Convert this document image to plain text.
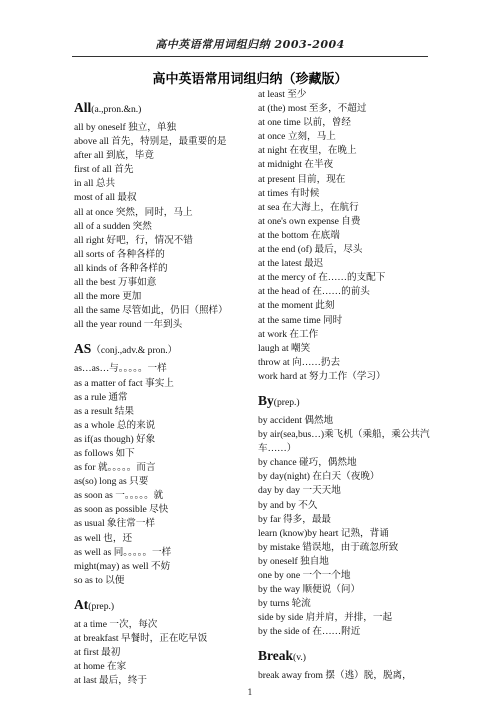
高中英语常用词组归纳 2003-2004
高中英语常用词组归纳（珍藏版）
All(a.,pron.&n.)
all by oneself 独立，单独
above all 首先，特别是，最重要的是
after all 到底，毕竟
first of all 首先
in all 总共
most of all 最叔
all at once 突然，同时，马上
all of a sudden 突然
all right 好吧，行，情况不错
all sorts of 各种各样的
all kinds of 各种各样的
all the best 万事如意
all the more 更加
all the same 尽管如此，仍旧（照样）
all the year round 一年到头
AS（conj.,adv.& pron.）
as…as…与。。。。。一样
as a matter of fact 事实上
as a rule 通常
as a result 结果
as a whole 总的来说
as if(as though) 好象
as follows 如下
as for 就。。。。。而言
as(so) long as 只要
as soon as 一。。。。。就
as soon as possible 尽快
as usual 象往常一样
as well 也，还
as well as 同。。。。。一样
might(may) as well 不妨
so as to 以便
At(prep.)
at a time 一次，每次
at breakfast 早餐时，正在吃早饭
at first 最初
at home 在家
at last 最后，终于
at least 至少
at (the) most 至多，不超过
at one time 以前，曾经
at once 立刻，马上
at night 在夜里，在晚上
at midnight 在半夜
at present 目前，现在
at times 有时候
at sea 在大海上，在航行
at one's own expense 自费
at the bottom 在底端
at the end (of) 最后，尽头
at the latest 最迟
at the mercy of 在……的支配下
at the head of 在……的前头
at the moment 此刻
at the same time 同时
at work 在工作
laugh at 嘲笑
throw at 向……扔去
work hard at 努力工作（学习）
By(prep.)
by accident 偶然地
by air(sea,bus…)乘飞机（乘船，乘公共汽车……）
by chance 碰巧，偶然地
by day(night) 在白天（夜晚）
day by day 一天天地
by and by 不久
by far 得多，最最
learn (know)by heart 记熟，背诵
by mistake 错误地，由于疏忽所致
by oneself 独自地
one by one 一个一个地
by the way 顺便说（问）
by turns 轮流
side by side 肩并肩，并排，一起
by the side of 在……附近
Break(v.)
break away from 摆（逃）脱，脱离，
1
